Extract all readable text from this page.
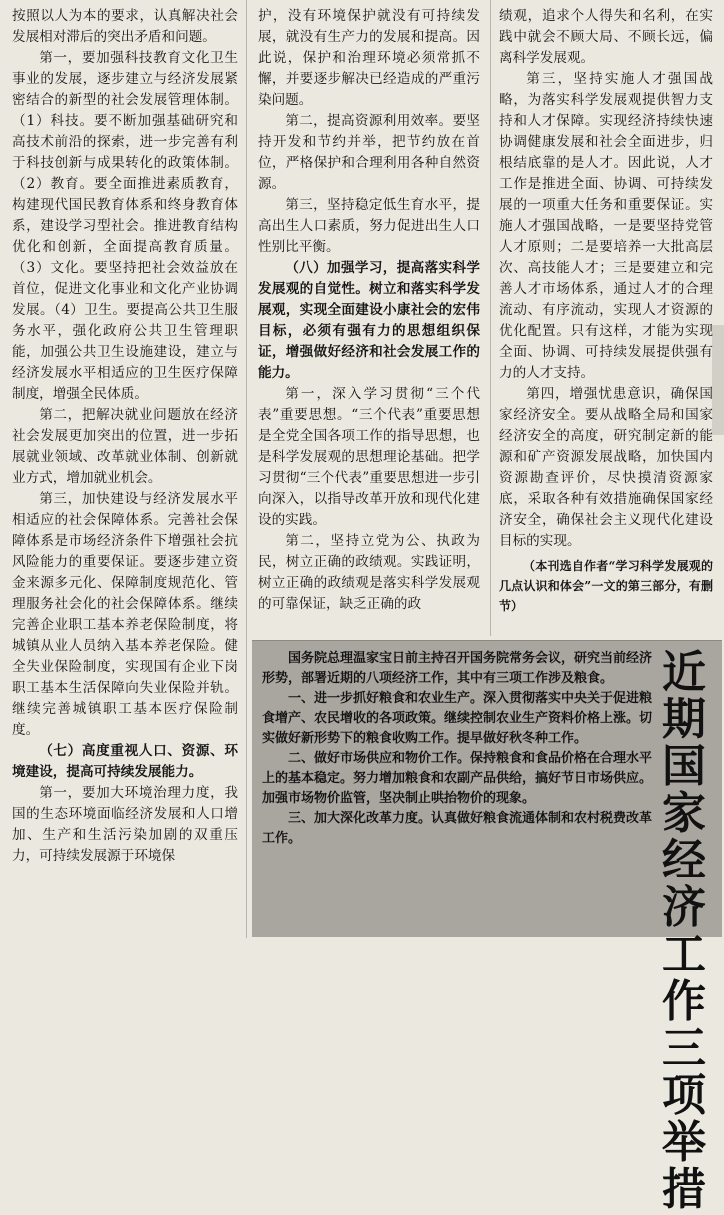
按照以人为本的要求，认真解决社会发展相对滞后的突出矛盾和问题。

第一，要加强科技教育文化卫生事业的发展，逐步建立与经济发展紧密结合的新型的社会发展管理体制。（1）科技。要不断加强基础研究和高技术前沿的探索，进一步完善有利于科技创新与成果转化的政策体制。（2）教育。要全面推进素质教育，构建现代国民教育体系和终身教育体系，建设学习型社会。推进教育结构优化和创新，全面提高教育质量。（3）文化。要坚持把社会效益放在首位，促进文化事业和文化产业协调发展。（4）卫生。要提高公共卫生服务水平，强化政府公共卫生管理职能，加强公共卫生设施建设，建立与经济发展水平相适应的卫生医疗保障制度，增强全民体质。

第二，把解决就业问题放在经济社会发展更加突出的位置，进一步拓展就业领域、改革就业体制、创新就业方式，增加就业机会。

第三，加快建设与经济发展水平相适应的社会保障体系。完善社会保障体系是市场经济条件下增强社会抗风险能力的重要保证。要逐步建立资金来源多元化、保障制度规范化、管理服务社会化的社会保障体系。继续完善企业职工基本养老保险制度，将城镇从业人员纳入基本养老保险。健全失业保险制度，实现国有企业下岗职工基本生活保障向失业保险并轨。继续完善城镇职工基本医疗保险制度。

（七）高度重视人口、资源、环境建设，提高可持续发展能力。

第一，要加大环境治理力度，我国的生态环境面临经济发展和人口增加、生产和生活污染加剧的双重压力，可持续发展源于环境保

护，没有环境保护就没有可持续发展，就没有生产力的发展和提高。因此说，保护和治理环境必须常抓不懈，并要逐步解决已经造成的严重污染问题。

第二，提高资源利用效率。要坚持开发和节约并举，把节约放在首位，严格保护和合理利用各种自然资源。

第三，坚持稳定低生育水平，提高出生人口素质，努力促进出生人口性别比平衡。

（八）加强学习，提高落实科学发展观的自觉性。树立和落实科学发展观，实现全面建设小康社会的宏伟目标，必须有强有力的思想组织保证，增强做好经济和社会发展工作的能力。

第一，深入学习贯彻“三个代表”重要思想。“三个代表”重要思想是全党全国各项工作的指导思想，也是科学发展观的思想理论基础。把学习贯彻“三个代表”重要思想进一步引向深入，以指导改革开放和现代化建设的实践。

第二，坚持立党为公、执政为民，树立正确的政绩观。实践证明，树立正确的政绩观是落实科学发展观的可靠保证，缺乏正确的政

绩观，追求个人得失和名利，在实践中就会不顾大局、不顾长远，偏离科学发展观。

第三，坚持实施人才强国战略，为落实科学发展观提供智力支持和人才保障。实现经济持续快速协调健康发展和社会全面进步，归根结底靠的是人才。因此说，人才工作是推进全面、协调、可持续发展的一项重大任务和重要保证。实施人才强国战略，一是要坚持党管人才原则；二是要培养一大批高层次、高技能人才；三是要建立和完善人才市场体系，通过人才的合理流动、有序流动，实现人才资源的优化配置。只有这样，才能为实现全面、协调、可持续发展提供强有力的人才支持。

第四，增强忧患意识，确保国家经济安全。要从战略全局和国家经济安全的高度，研究制定新的能源和矿产资源发展战略，加快国内资源勘查评价，尽快摸清资源家底，采取各种有效措施确保国家经济安全，确保社会主义现代化建设目标的实现。

（本刊选自作者“学习科学发展观的几点认识和体会”一文的第三部分，有删节）

国务院总理温家宝日前主持召开国务院常务会议，研究当前经济形势，部署近期的八项经济工作，其中有三项工作涉及粮食。

一、进一步抓好粮食和农业生产。深入贯彻落实中央关于促进粮食增产、农民增收的各项政策。继续控制农业生产资料价格上涨。切实做好新形势下的粮食收购工作。提早做好秋冬种工作。

二、做好市场供应和物价工作。保持粮食和食品价格在合理水平上的基本稳定。努力增加粮食和农副产品供给，搞好节日市场供应。加强市场物价监管，坚决制止哄抬物价的现象。

三、加大深化改革力度。认真做好粮食流通体制和农村税费改革工作。

近期国家经济工作三项举措
